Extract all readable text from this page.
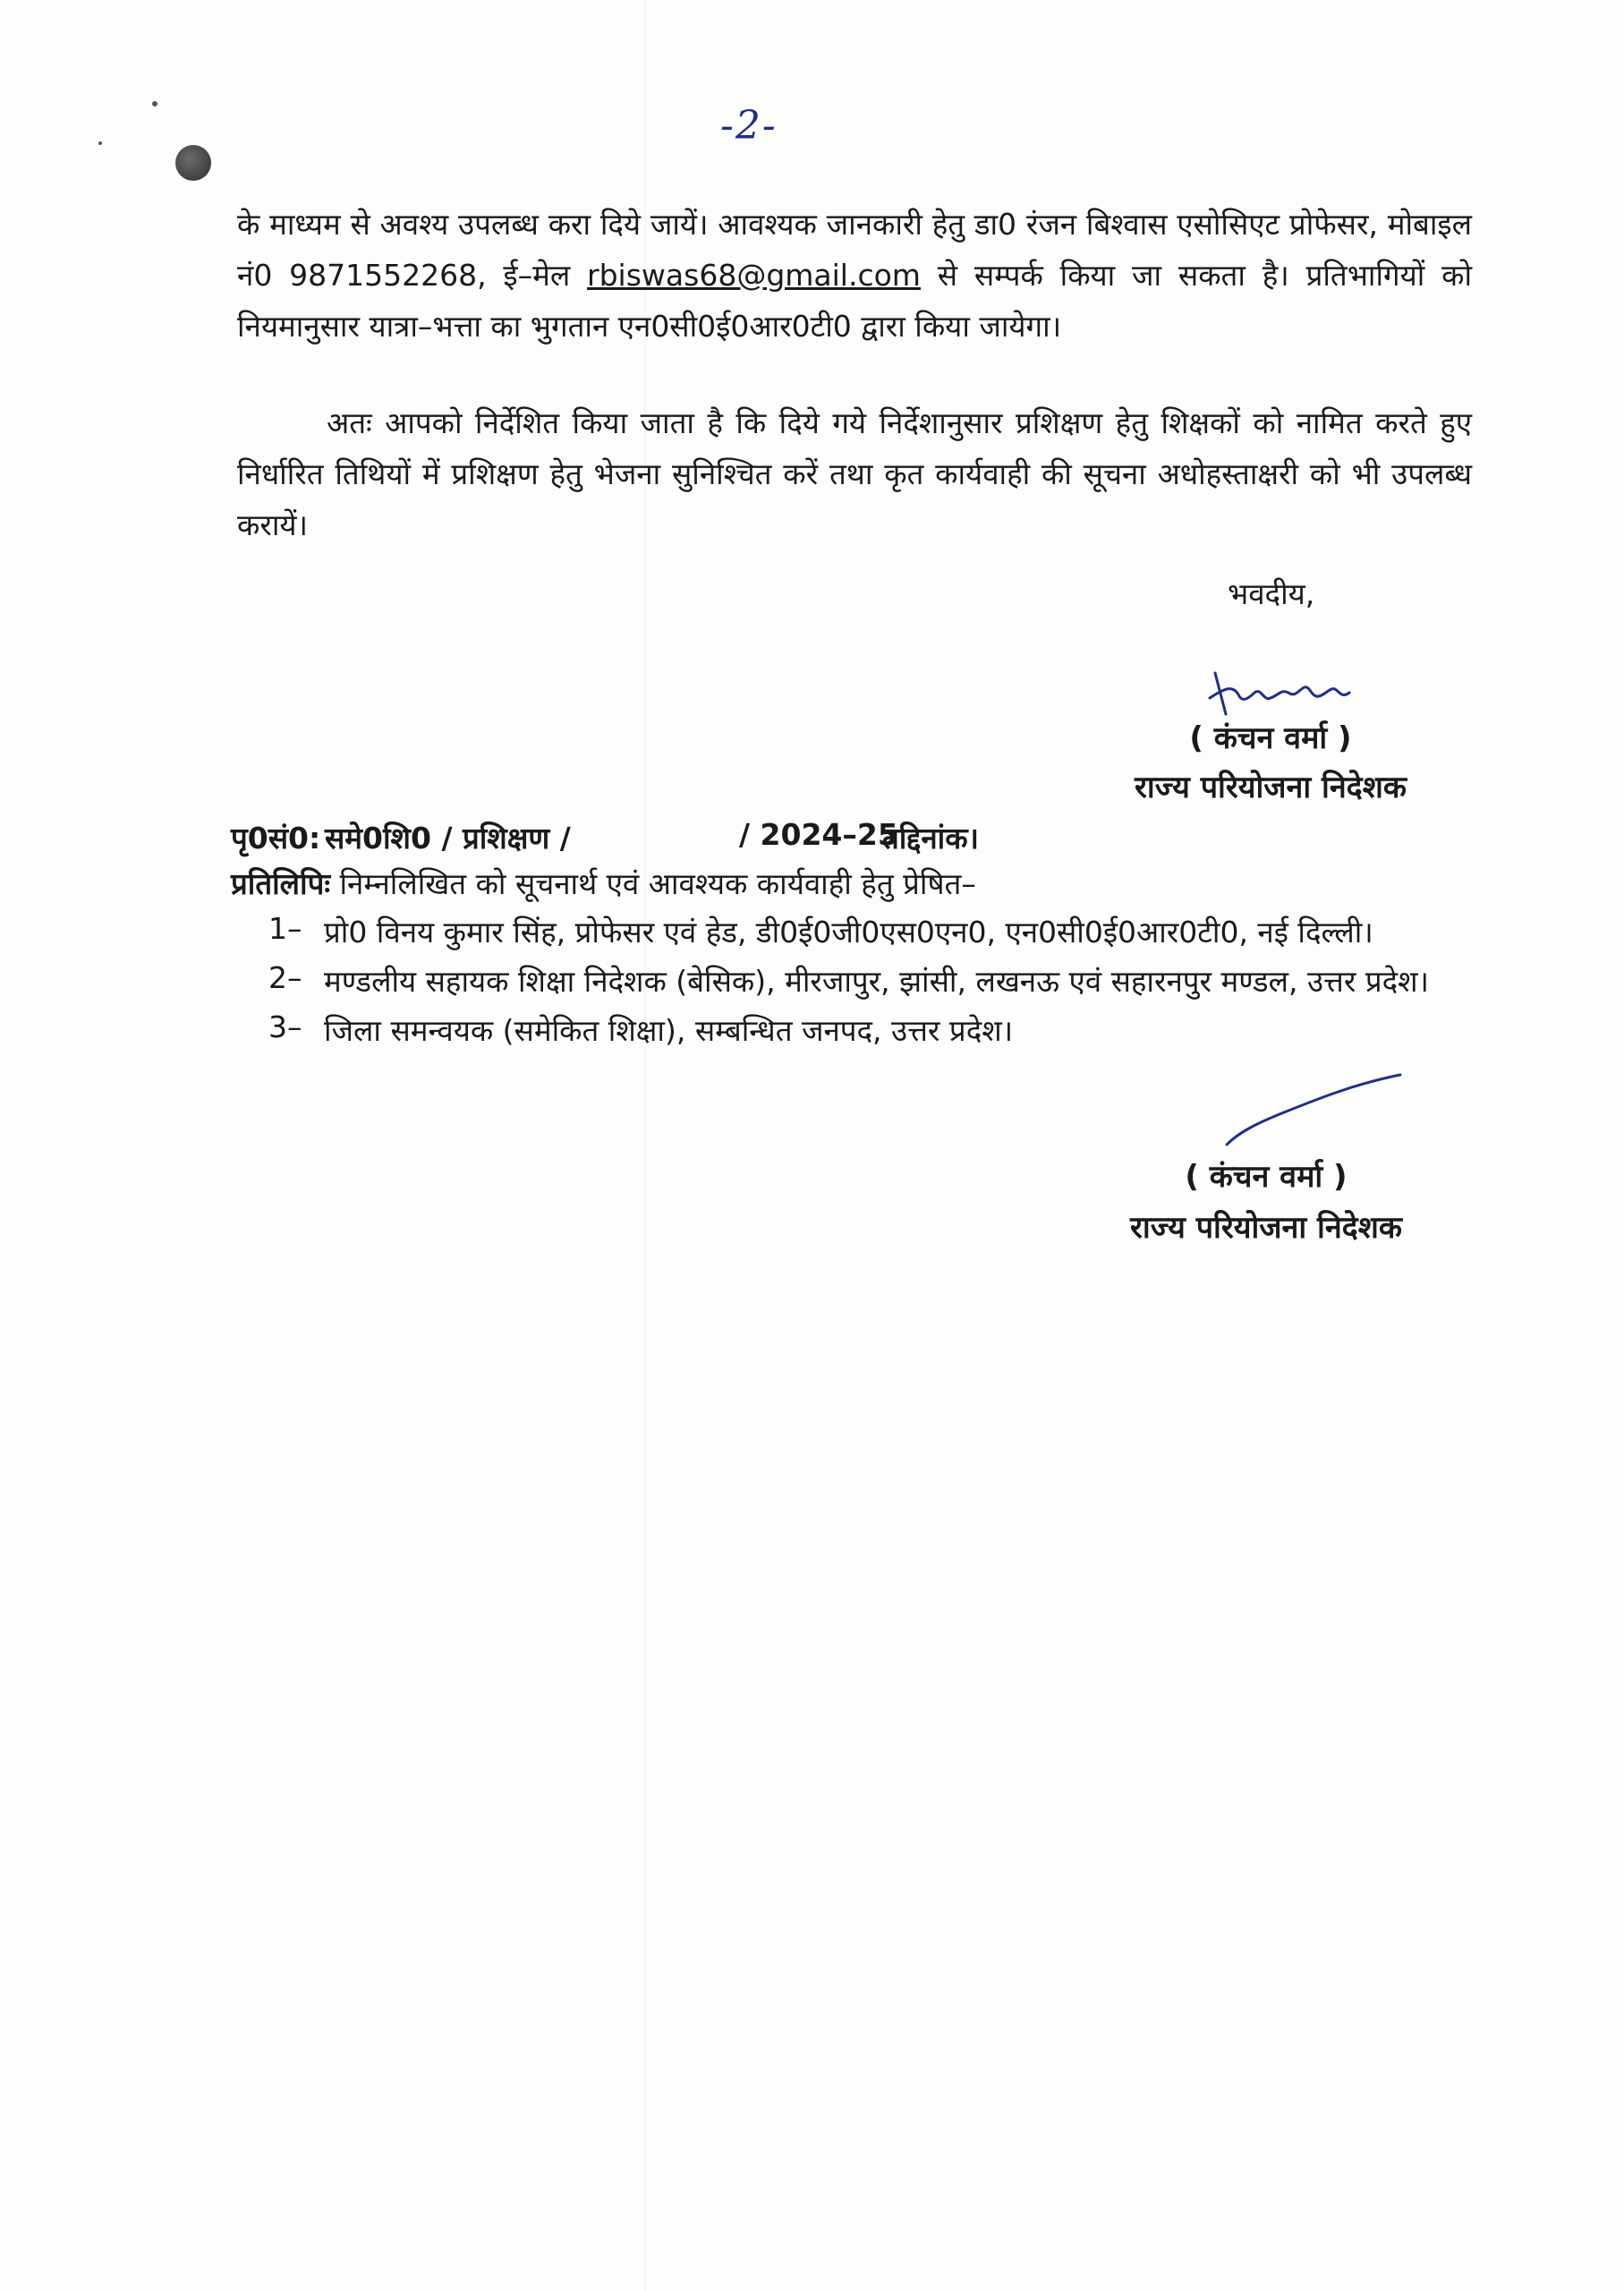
-2-
के माध्यम से अवश्य उपलब्ध करा दिये जायें। आवश्यक जानकारी हेतु डा0 रंजन बिश्वास एसोसिएट प्रोफेसर, मोबाइल नं0 9871552268, ई–मेल rbiswas68@gmail.com से सम्पर्क किया जा सकता है। प्रतिभागियों को नियमानुसार यात्रा–भत्ता का भुगतान एन0सी0ई0आर0टी0 द्वारा किया जायेगा।
अतः आपको निर्देशित किया जाता है कि दिये गये निर्देशानुसार प्रशिक्षण हेतु शिक्षकों को नामित करते हुए निर्धारित तिथियों में प्रशिक्षण हेतु भेजना सुनिश्चित करें तथा कृत कार्यवाही की सूचना अधोहस्ताक्षरी को भी उपलब्ध करायें।
भवदीय,
( कंचन वर्मा )
राज्य परियोजना निदेशक
पृ0सं0: समे0शि0 / प्रशिक्षण /	/ 2024–25
तद्दिनांक।
प्रतिलिपिः निम्नलिखित को सूचनार्थ एवं आवश्यक कार्यवाही हेतु प्रेषित–
1– प्रो0 विनय कुमार सिंह, प्रोफेसर एवं हेड, डी0ई0जी0एस0एन0, एन0सी0ई0आर0टी0, नई दिल्ली।
2– मण्डलीय सहायक शिक्षा निदेशक (बेसिक), मीरजापुर, झांसी, लखनऊ एवं सहारनपुर मण्डल, उत्तर प्रदेश।
3– जिला समन्वयक (समेकित शिक्षा), सम्बन्धित जनपद, उत्तर प्रदेश।
( कंचन वर्मा )
राज्य परियोजना निदेशक
